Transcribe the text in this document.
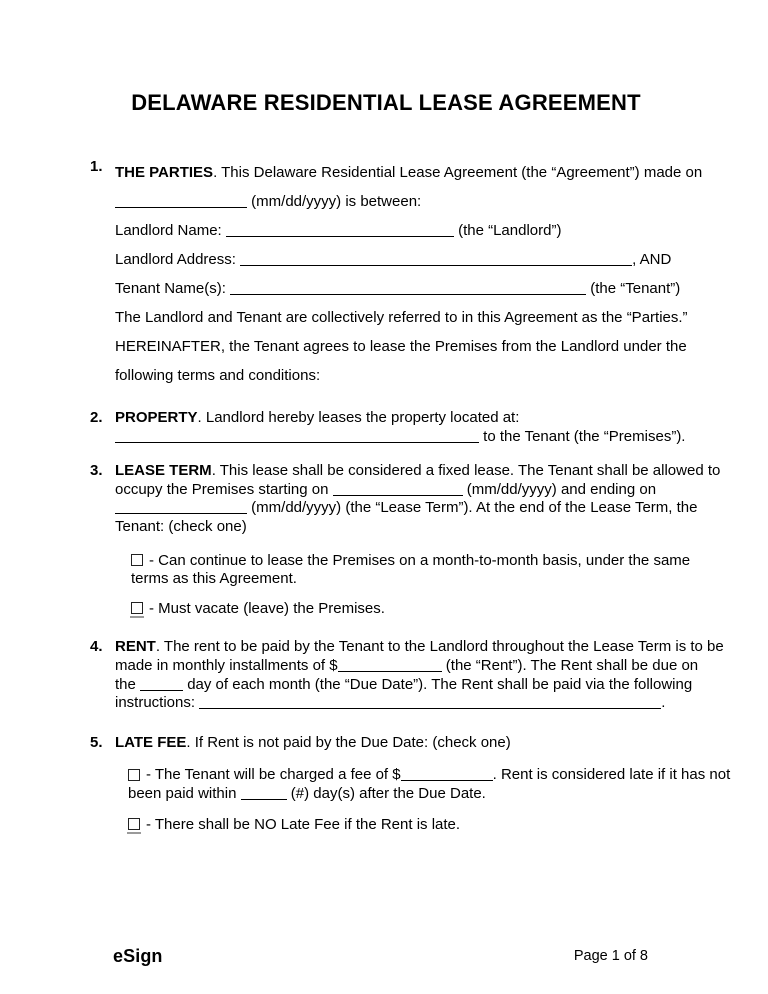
DELAWARE RESIDENTIAL LEASE AGREEMENT
1. THE PARTIES. This Delaware Residential Lease Agreement (the “Agreement”) made on
(mm/dd/yyyy) is between:
Landlord Name:	(the “Landlord”)
Landlord Address:	, AND
Tenant Name(s):	(the “Tenant”)
The Landlord and Tenant are collectively referred to in this Agreement as the “Parties.”
HEREINAFTER, the Tenant agrees to lease the Premises from the Landlord under the
following terms and conditions:
2. PROPERTY. Landlord hereby leases the property located at:
to the Tenant (the “Premises”).
3. LEASE TERM. This lease shall be considered a fixed lease. The Tenant shall be allowed to
occupy the Premises starting on	(mm/dd/yyyy) and ending on
(mm/dd/yyyy) (the “Lease Term”). At the end of the Lease Term, the
Tenant: (check one)
- Can continue to lease the Premises on a month-to-month basis, under the same
terms as this Agreement.
- Must vacate (leave) the Premises.
4. RENT. The rent to be paid by the Tenant to the Landlord throughout the Lease Term is to be
made in monthly installments of $	(the “Rent”). The Rent shall be due on
the	day of each month (the “Due Date”). The Rent shall be paid via the following
instructions:	.
5. LATE FEE. If Rent is not paid by the Due Date: (check one)
- The Tenant will be charged a fee of $	. Rent is considered late if it has not
been paid within	(#) day(s) after the Due Date.
- There shall be NO Late Fee if the Rent is late.
eSign	Page 1 of 8
